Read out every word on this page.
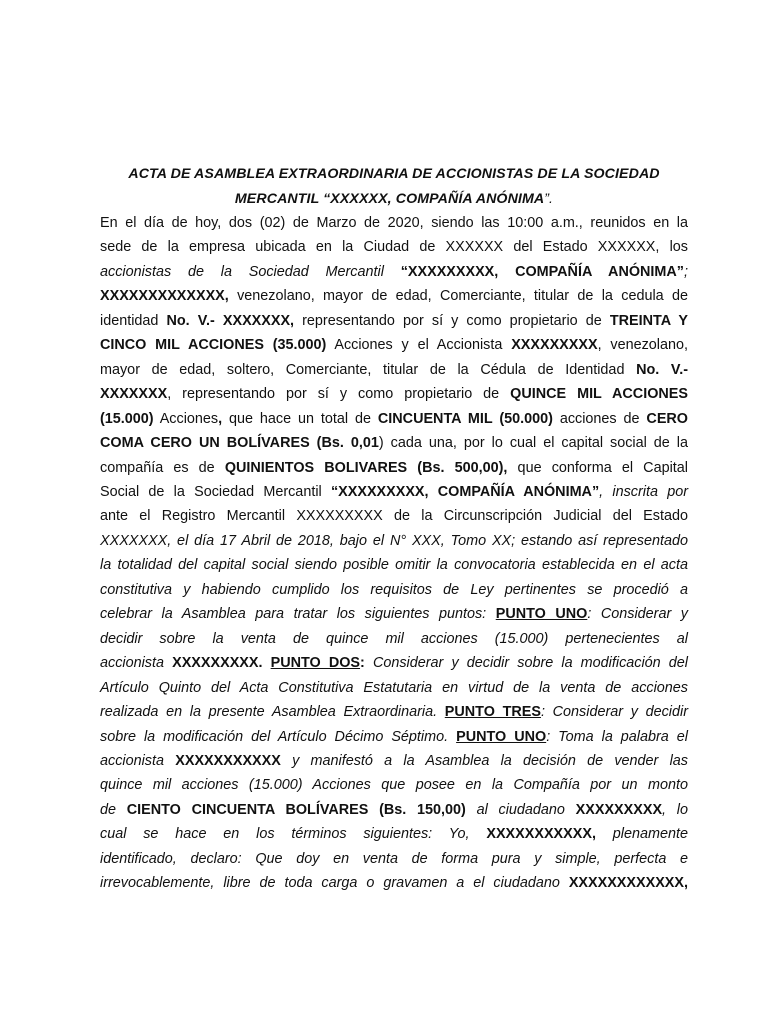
ACTA DE ASAMBLEA EXTRAORDINARIA DE ACCIONISTAS DE LA SOCIEDAD
MERCANTIL “XXXXXX, COMPAÑÍA ANÓNIMA”.

En el día de hoy, dos (02) de Marzo de 2020, siendo las 10:00 a.m., reunidos en la
sede de la empresa ubicada en la Ciudad de XXXXXX del Estado XXXXXX, los
accionistas de la Sociedad Mercantil “XXXXXXXXX, COMPAÑÍA ANÓNIMA”;
XXXXXXXXXXXXX, venezolano, mayor de edad, Comerciante, titular de la cedula de
identidad No. V.- XXXXXXX, representando por sí y como propietario de TREINTA Y
CINCO MIL ACCIONES (35.000) Acciones y el Accionista XXXXXXXXX, venezolano,
mayor de edad, soltero, Comerciante, titular de la Cédula de Identidad No. V.-
XXXXXXX, representando por sí y como propietario de QUINCE MIL ACCIONES
(15.000) Acciones, que hace un total de CINCUENTA MIL (50.000) acciones de CERO
COMA CERO UN BOLÍVARES (Bs. 0,01) cada una, por lo cual el capital social de la
compañía es de QUINIENTOS BOLIVARES (Bs. 500,00), que conforma el Capital
Social de la Sociedad Mercantil “XXXXXXXXX, COMPAÑÍA ANÓNIMA”, inscrita por
ante el Registro Mercantil XXXXXXXXX de la Circunscripción Judicial del Estado
XXXXXXX, el día 17 Abril de 2018, bajo el N° XXX, Tomo XX; estando así representado
la totalidad del capital social siendo posible omitir la convocatoria establecida en el acta
constitutiva y habiendo cumplido los requisitos de Ley pertinentes se procedió a
celebrar la Asamblea para tratar los siguientes puntos: PUNTO UNO: Considerar y
decidir sobre la venta de quince mil acciones (15.000) pertenecientes al
accionista XXXXXXXXX. PUNTO DOS: Considerar y decidir sobre la modificación del
Artículo Quinto del Acta Constitutiva Estatutaria en virtud de la venta de acciones
realizada en la presente Asamblea Extraordinaria. PUNTO TRES: Considerar y decidir
sobre la modificación del Artículo Décimo Séptimo. PUNTO UNO: Toma la palabra el
accionista XXXXXXXXXXX y manifestó a la Asamblea la decisión de vender las
quince mil acciones (15.000) Acciones que posee en la Compañía por un monto
de CIENTO CINCUENTA BOLÍVARES (Bs. 150,00) al ciudadano XXXXXXXXX, lo
cual se hace en los términos siguientes: Yo, XXXXXXXXXXX, plenamente
identificado, declaro: Que doy en venta de forma pura y simple, perfecta e
irrevocablemente, libre de toda carga o gravamen a el ciudadano XXXXXXXXXXXX,
